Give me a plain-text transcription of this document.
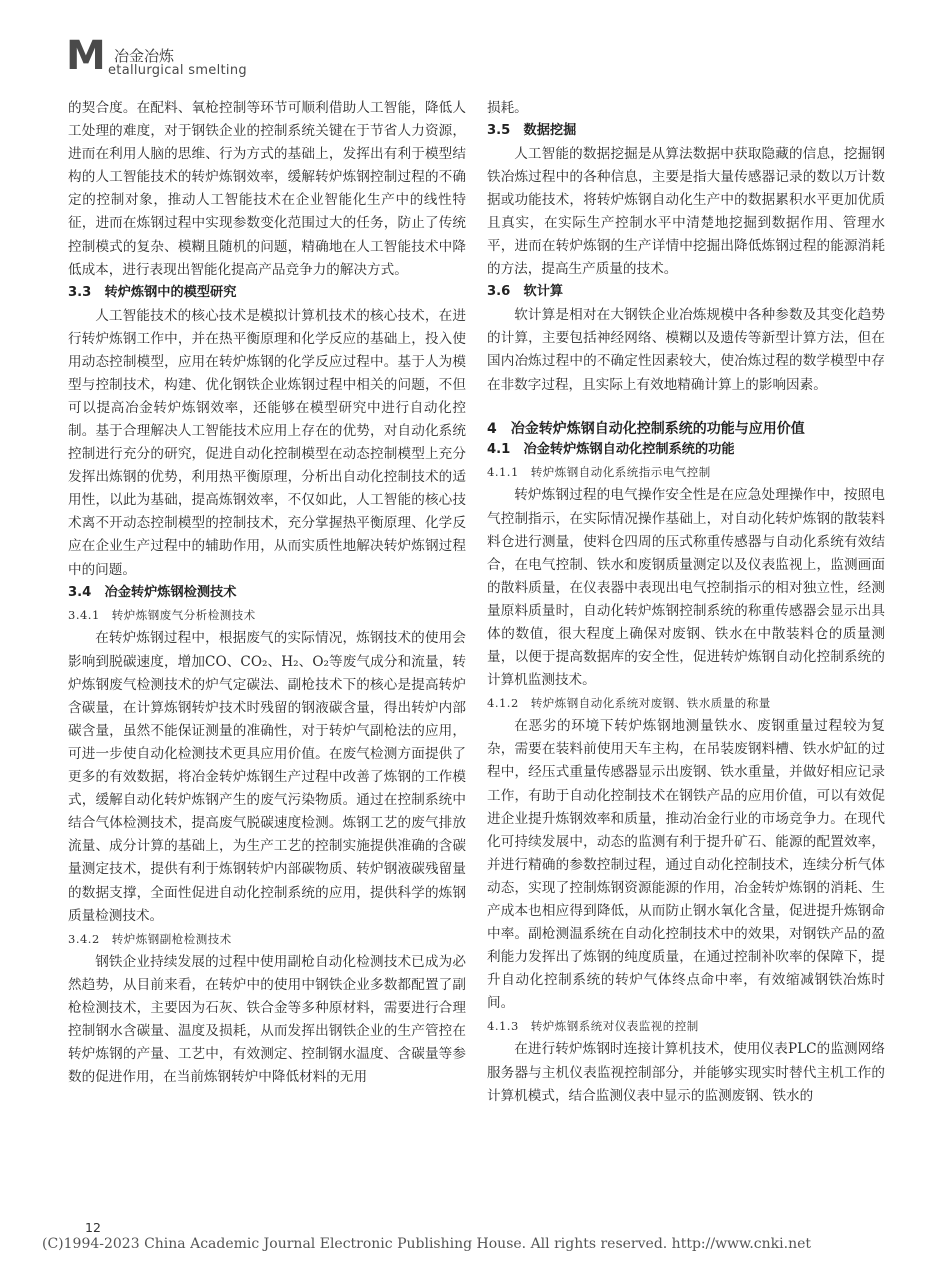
M 冶金冶炼
etallurgical smelting

的契合度。在配料、氧枪控制等环节可顺利借助人工智能，降低人工处理的难度，对于钢铁企业的控制系统关键在于节省人力资源，进而在利用人脑的思维、行为方式的基础上，发挥出有利于模型结构的人工智能技术的转炉炼钢效率，缓解转炉炼钢控制过程的不确定的控制对象，推动人工智能技术在企业智能化生产中的线性特征，进而在炼钢过程中实现参数变化范围过大的任务，防止了传统控制模式的复杂、模糊且随机的问题，精确地在人工智能技术中降低成本，进行表现出智能化提高产品竞争力的解决方式。

3.3　转炉炼钢中的模型研究

人工智能技术的核心技术是模拟计算机技术的核心技术，在进行转炉炼钢工作中，并在热平衡原理和化学反应的基础上，投入使用动态控制模型，应用在转炉炼钢的化学反应过程中。基于人为模型与控制技术，构建、优化钢铁企业炼钢过程中相关的问题，不但可以提高冶金转炉炼钢效率，还能够在模型研究中进行自动化控制。基于合理解决人工智能技术应用上存在的优势，对自动化系统控制进行充分的研究，促进自动化控制模型在动态控制模型上充分发挥出炼钢的优势，利用热平衡原理，分析出自动化控制技术的适用性，以此为基础，提高炼钢效率，不仅如此，人工智能的核心技术离不开动态控制模型的控制技术，充分掌握热平衡原理、化学反应在企业生产过程中的辅助作用，从而实质性地解决转炉炼钢过程中的问题。

3.4　冶金转炉炼钢检测技术
3.4.1　转炉炼钢废气分析检测技术

在转炉炼钢过程中，根据废气的实际情况，炼钢技术的使用会影响到脱碳速度，增加CO、CO₂、H₂、O₂等废气成分和流量，转炉炼钢废气检测技术的炉气定碳法、副枪技术下的核心是提高转炉含碳量，在计算炼钢转炉技术时残留的钢液碳含量，得出转炉内部碳含量，虽然不能保证测量的准确性，对于转炉气副枪法的应用，可进一步使自动化检测技术更具应用价值。在废气检测方面提供了更多的有效数据，将冶金转炉炼钢生产过程中改善了炼钢的工作模式，缓解自动化转炉炼钢产生的废气污染物质。通过在控制系统中结合气体检测技术，提高废气脱碳速度检测。炼钢工艺的废气排放流量、成分计算的基础上，为生产工艺的控制实施提供准确的含碳量测定技术，提供有利于炼钢转炉内部碳物质、转炉钢液碳残留量的数据支撑，全面性促进自动化控制系统的应用，提供科学的炼钢质量检测技术。

3.4.2　转炉炼钢副枪检测技术

钢铁企业持续发展的过程中使用副枪自动化检测技术已成为必然趋势，从目前来看，在转炉中的使用中钢铁企业多数都配置了副枪检测技术，主要因为石灰、铁合金等多种原材料，需要进行合理控制钢水含碳量、温度及损耗，从而发挥出钢铁企业的生产管控在转炉炼钢的产量、工艺中，有效测定、控制钢水温度、含碳量等参数的促进作用，在当前炼钢转炉中降低材料的无用

损耗。

3.5　数据挖掘

人工智能的数据挖掘是从算法数据中获取隐藏的信息，挖掘钢铁冶炼过程中的各种信息，主要是指大量传感器记录的数以万计数据或功能技术，将转炉炼钢自动化生产中的数据累积水平更加优质且真实，在实际生产控制水平中清楚地挖掘到数据作用、管理水平，进而在转炉炼钢的生产详情中挖掘出降低炼钢过程的能源消耗的方法，提高生产质量的技术。

3.6　软计算

软计算是相对在大钢铁企业冶炼规模中各种参数及其变化趋势的计算，主要包括神经网络、模糊以及遗传等新型计算方法，但在国内冶炼过程中的不确定性因素较大，使冶炼过程的数学模型中存在非数字过程，且实际上有效地精确计算上的影响因素。

4　冶金转炉炼钢自动化控制系统的功能与应用价值
4.1　冶金转炉炼钢自动化控制系统的功能
4.1.1　转炉炼钢自动化系统指示电气控制

转炉炼钢过程的电气操作安全性是在应急处理操作中，按照电气控制指示，在实际情况操作基础上，对自动化转炉炼钢的散装料料仓进行测量，使料仓四周的压式称重传感器与自动化系统有效结合，在电气控制、铁水和废钢质量测定以及仪表监视上，监测画面的散料质量，在仪表器中表现出电气控制指示的相对独立性，经测量原料质量时，自动化转炉炼钢控制系统的称重传感器会显示出具体的数值，很大程度上确保对废钢、铁水在中散装料仓的质量测量，以便于提高数据库的安全性，促进转炉炼钢自动化控制系统的计算机监测技术。

4.1.2　转炉炼钢自动化系统对废钢、铁水质量的称量

在恶劣的环境下转炉炼钢地测量铁水、废钢重量过程较为复杂，需要在装料前使用天车主构，在吊装废钢料槽、铁水炉缸的过程中，经压式重量传感器显示出废钢、铁水重量，并做好相应记录工作，有助于自动化控制技术在钢铁产品的应用价值，可以有效促进企业提升炼钢效率和质量，推动冶金行业的市场竞争力。在现代化可持续发展中，动态的监测有利于提升矿石、能源的配置效率，并进行精确的参数控制过程，通过自动化控制技术，连续分析气体动态，实现了控制炼钢资源能源的作用，冶金转炉炼钢的消耗、生产成本也相应得到降低，从而防止钢水氧化含量，促进提升炼钢命中率。副枪测温系统在自动化控制技术中的效果，对钢铁产品的盈利能力发挥出了炼钢的纯度质量，在通过控制补吹率的保障下，提升自动化控制系统的转炉气体终点命中率，有效缩减钢铁冶炼时间。

4.1.3　转炉炼钢系统对仪表监视的控制

在进行转炉炼钢时连接计算机技术，使用仪表PLC的监测网络服务器与主机仪表监视控制部分，并能够实现实时替代主机工作的计算机模式，结合监测仪表中显示的监测废钢、铁水的

12
(C)1994-2023 China Academic Journal Electronic Publishing House. All rights reserved. http://www.cnki.net
